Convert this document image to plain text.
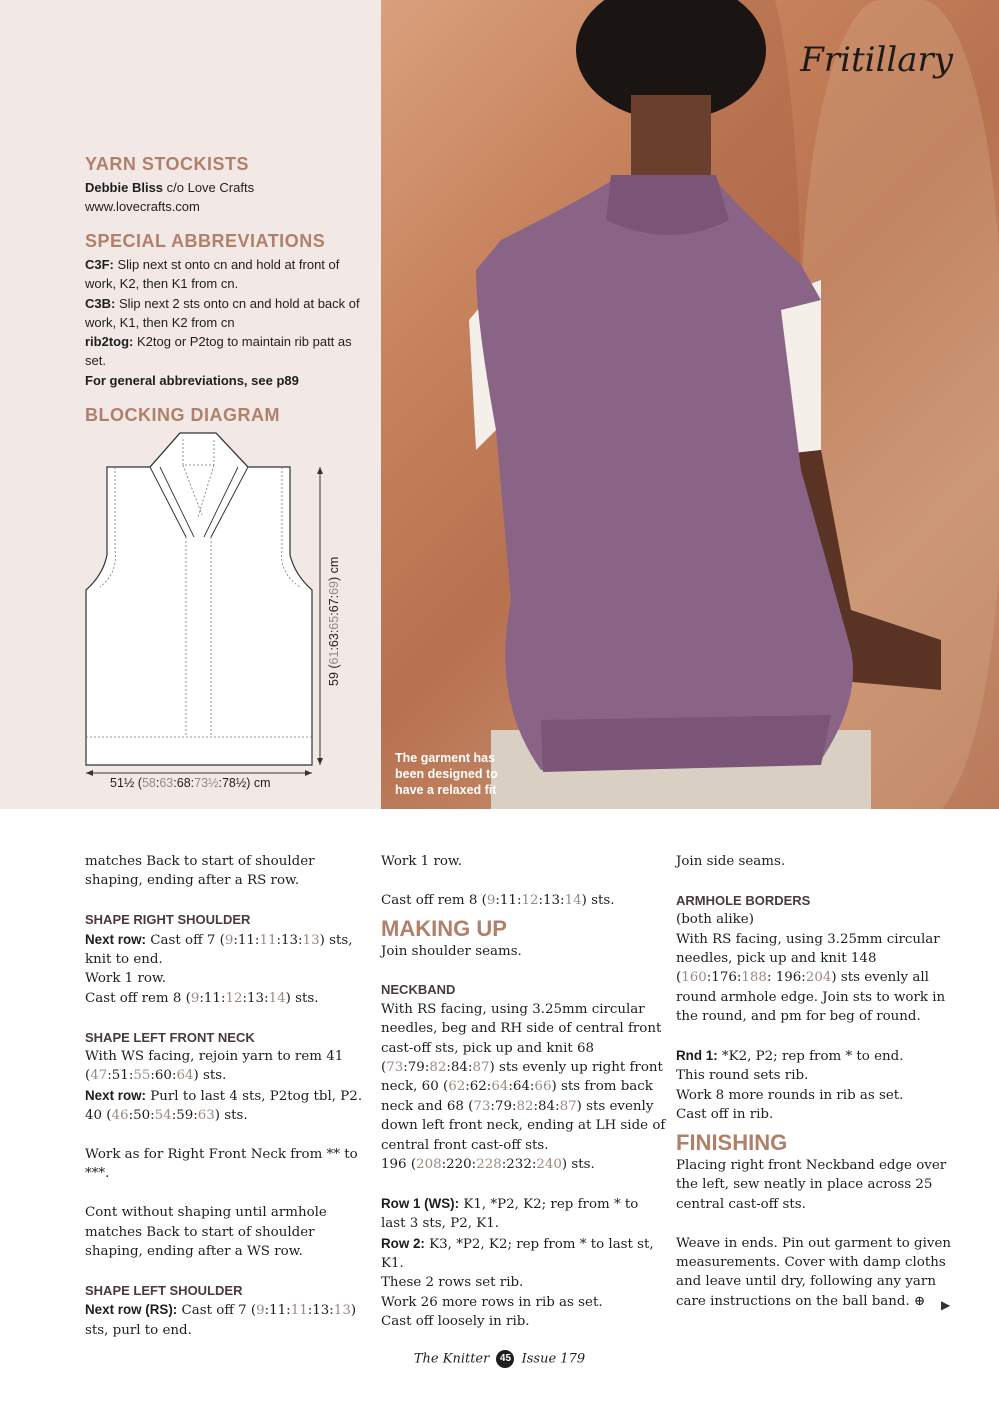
YARN STOCKISTS
Debbie Bliss c/o Love Crafts
www.lovecrafts.com
SPECIAL ABBREVIATIONS
C3F: Slip next st onto cn and hold at front of work, K2, then K1 from cn.
C3B: Slip next 2 sts onto cn and hold at back of work, K1, then K2 from cn
rib2tog: K2tog or P2tog to maintain rib patt as set.
For general abbreviations, see p89
BLOCKING DIAGRAM
51½ (58:63:68:73½:78½) cm
59 (61:63:65:67:69) cm
Fritillary
The garment has been designed to have a relaxed fit

matches Back to start of shoulder shaping, ending after a RS row.

SHAPE RIGHT SHOULDER
Next row: Cast off 7 (9:11:11:13:13) sts, knit to end.
Work 1 row.
Cast off rem 8 (9:11:12:13:14) sts.
SHAPE LEFT FRONT NECK
With WS facing, rejoin yarn to rem 41 (47:51:55:60:64) sts.
Next row: Purl to last 4 sts, P2tog tbl, P2. 40 (46:50:54:59:63) sts.

Work as for Right Front Neck from ** to ***.

Cont without shaping until armhole matches Back to start of shoulder shaping, ending after a WS row.

SHAPE LEFT SHOULDER
Next row (RS): Cast off 7 (9:11:11:13:13) sts, purl to end.

Work 1 row.

Cast off rem 8 (9:11:12:13:14) sts.
MAKING UP

Join shoulder seams.

NECKBAND
With RS facing, using 3.25mm circular needles, beg and RH side of central front cast-off sts, pick up and knit 68 (73:79:82:84:87) sts evenly up right front neck, 60 (62:62:64:64:66) sts from back neck and 68 (73:79:82:84:87) sts evenly down left front neck, ending at LH side of central front cast-off sts.
196 (208:220:228:232:240) sts.
Row 1 (WS): K1, *P2, K2; rep from * to last 3 sts, P2, K1.
Row 2: K3, *P2, K2; rep from * to last st, K1.
These 2 rows set rib.
Work 26 more rows in rib as set.
Cast off loosely in rib.

Join side seams.

ARMHOLE BORDERS
(both alike)
With RS facing, using 3.25mm circular needles, pick up and knit 148 (160:176:188: 196:204) sts evenly all round armhole edge. Join sts to work in the round, and pm for beg of round.
Rnd 1: *K2, P2; rep from * to end.
This round sets rib.
Work 8 more rounds in rib as set.
Cast off in rib.
FINISHING

Placing right front Neckband edge over the left, sew neatly in place across 25 central cast-off sts.

Weave in ends. Pin out garment to given measurements. Cover with damp cloths and leave until dry, following any yarn care instructions on the ball band. ⊕	▶
The Knitter 45 Issue 179
